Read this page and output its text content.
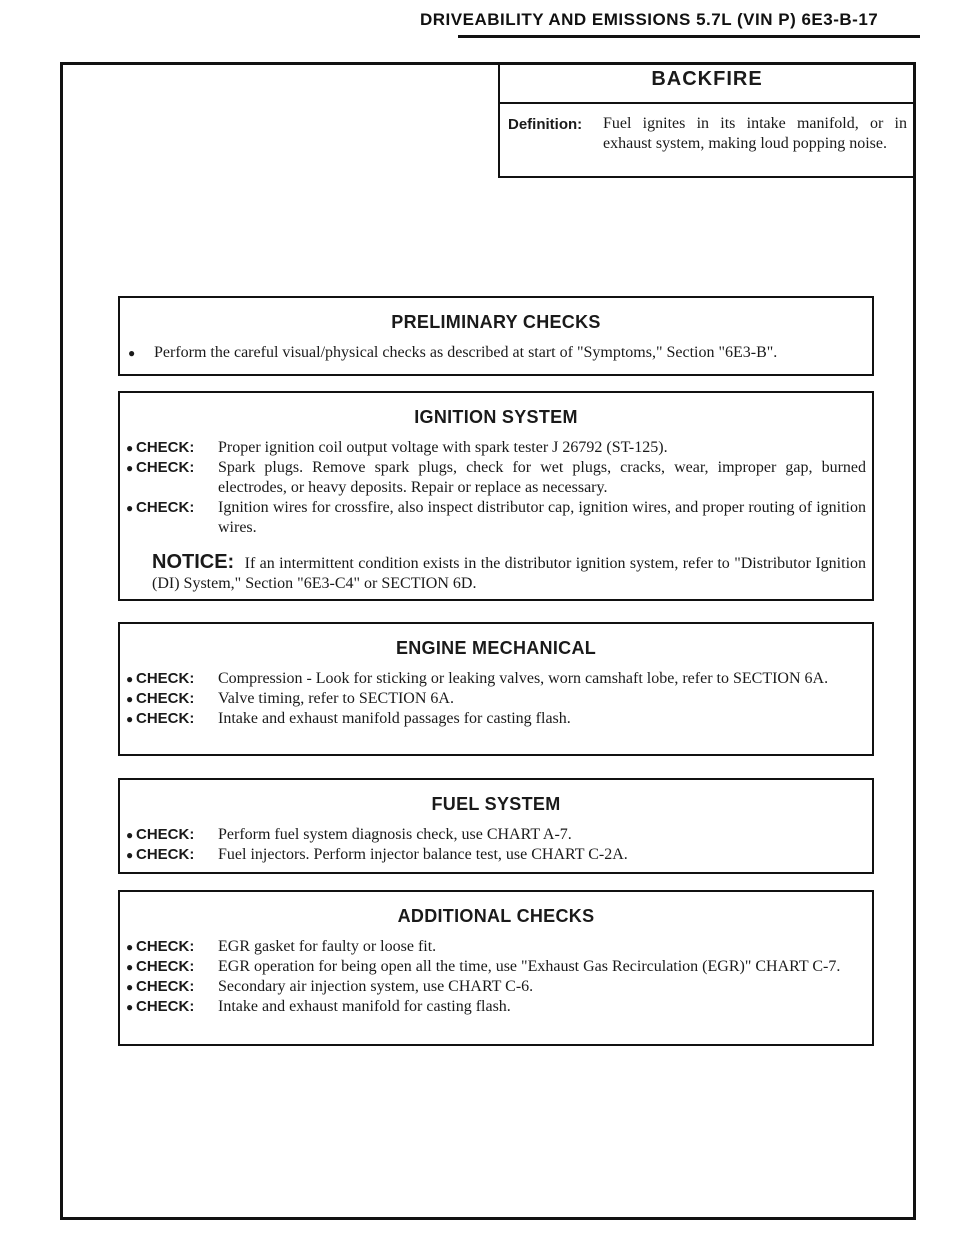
DRIVEABILITY AND EMISSIONS 5.7L (VIN P) 6E3-B-17
BACKFIRE
Definition: Fuel ignites in its intake manifold, or in exhaust system, making loud popping noise.
PRELIMINARY CHECKS
●	Perform the careful visual/physical checks as described at start of "Symptoms," Section "6E3-B".
IGNITION SYSTEM
● CHECK:	Proper ignition coil output voltage with spark tester J 26792 (ST-125).
● CHECK:	Spark plugs. Remove spark plugs, check for wet plugs, cracks, wear, improper gap, burned electrodes, or heavy deposits. Repair or replace as necessary.
● CHECK:	Ignition wires for crossfire, also inspect distributor cap, ignition wires, and proper routing of ignition wires.
NOTICE: If an intermittent condition exists in the distributor ignition system, refer to "Distributor Ignition (DI) System," Section "6E3-C4" or SECTION 6D.
ENGINE MECHANICAL
● CHECK:	Compression - Look for sticking or leaking valves, worn camshaft lobe, refer to SECTION 6A.
● CHECK:	Valve timing, refer to SECTION 6A.
● CHECK:	Intake and exhaust manifold passages for casting flash.
FUEL SYSTEM
● CHECK:	Perform fuel system diagnosis check, use CHART A-7.
● CHECK:	Fuel injectors. Perform injector balance test, use CHART C-2A.
ADDITIONAL CHECKS
● CHECK:	EGR gasket for faulty or loose fit.
● CHECK:	EGR operation for being open all the time, use "Exhaust Gas Recirculation (EGR)" CHART C-7.
● CHECK:	Secondary air injection system, use CHART C-6.
● CHECK:	Intake and exhaust manifold for casting flash.
